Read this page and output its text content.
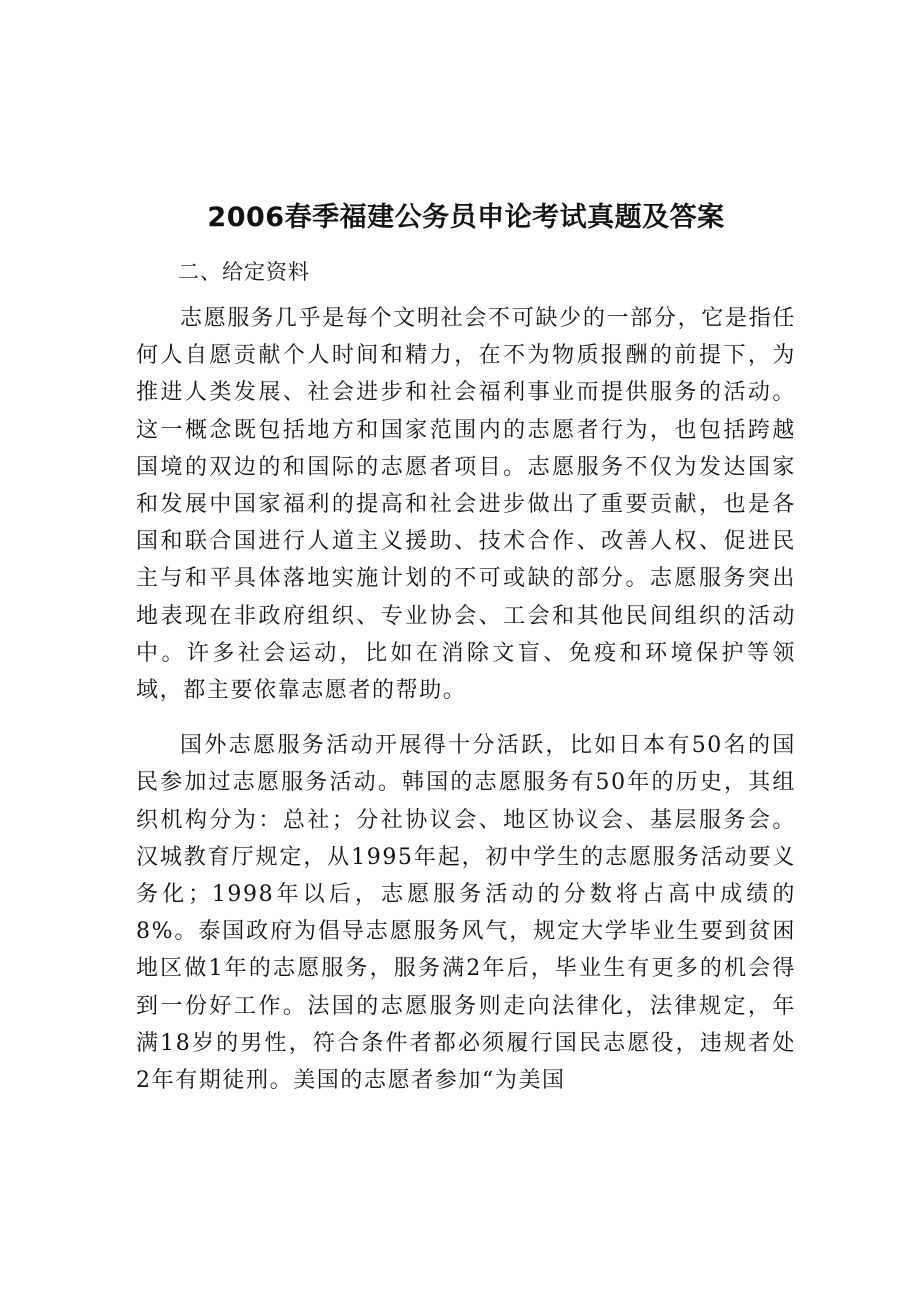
2006春季福建公务员申论考试真题及答案

二、给定资料

志愿服务几乎是每个文明社会不可缺少的一部分，它是指任何人自愿贡献个人时间和精力，在不为物质报酬的前提下，为推进人类发展、社会进步和社会福利事业而提供服务的活动。这一概念既包括地方和国家范围内的志愿者行为，也包括跨越国境的双边的和国际的志愿者项目。志愿服务不仅为发达国家和发展中国家福利的提高和社会进步做出了重要贡献，也是各国和联合国进行人道主义援助、技术合作、改善人权、促进民主与和平具体落地实施计划的不可或缺的部分。志愿服务突出地表现在非政府组织、专业协会、工会和其他民间组织的活动中。许多社会运动，比如在消除文盲、免疫和环境保护等领域，都主要依靠志愿者的帮助。

国外志愿服务活动开展得十分活跃，比如日本有50名的国民参加过志愿服务活动。韩国的志愿服务有50年的历史，其组织机构分为：总社；分社协议会、地区协议会、基层服务会。汉城教育厅规定，从1995年起，初中学生的志愿服务活动要义务化；1998年以后，志愿服务活动的分数将占高中成绩的8%。泰国政府为倡导志愿服务风气，规定大学毕业生要到贫困地区做1年的志愿服务，服务满2年后，毕业生有更多的机会得到一份好工作。法国的志愿服务则走向法律化，法律规定，年满18岁的男性，符合条件者都必须履行国民志愿役，违规者处2年有期徒刑。美国的志愿者参加“为美国
